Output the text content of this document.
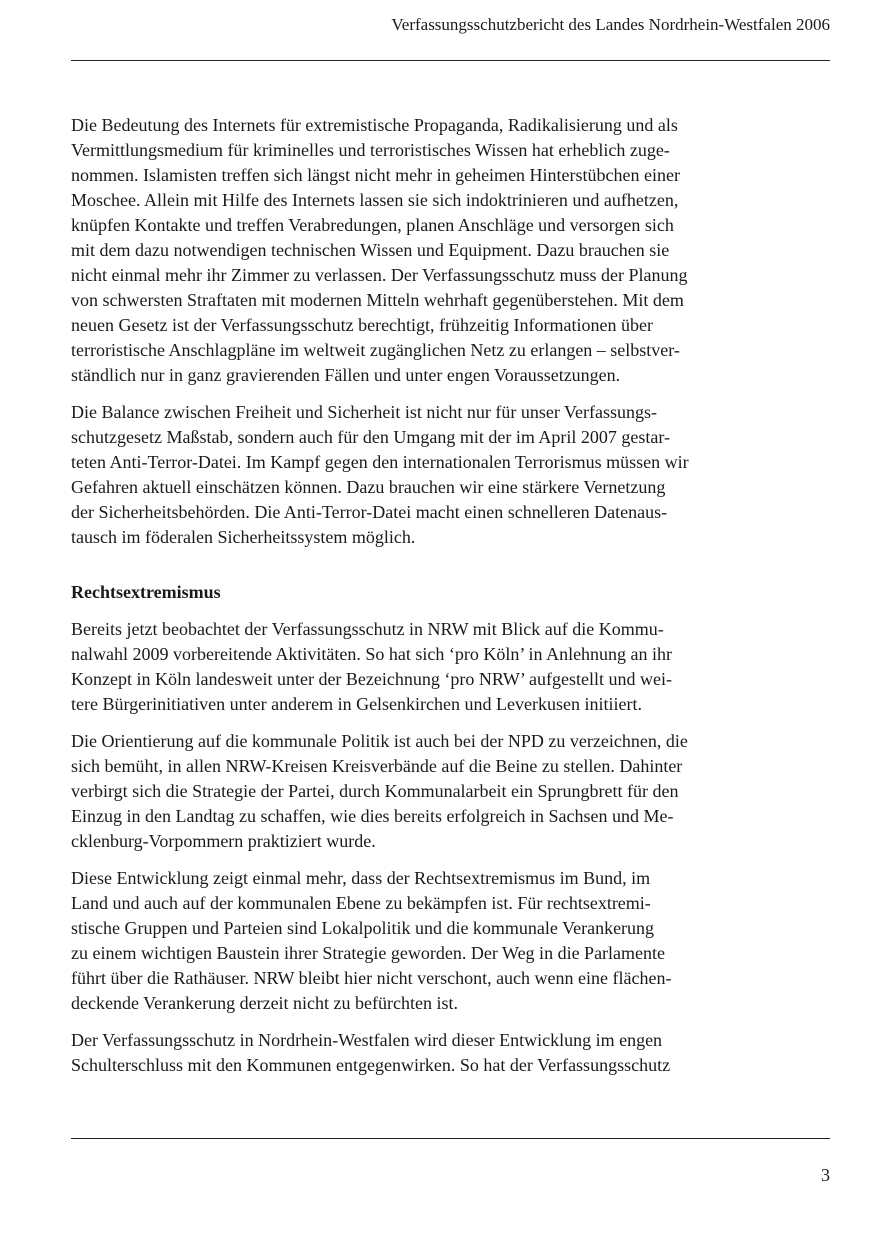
Verfassungsschutzbericht des Landes Nordrhein-Westfalen 2006

Die Bedeutung des Internets für extremistische Propaganda, Radikalisierung und als
Vermittlungsmedium für kriminelles und terroristisches Wissen hat erheblich zuge-
nommen. Islamisten treffen sich längst nicht mehr in geheimen Hinterstübchen einer
Moschee. Allein mit Hilfe des Internets lassen sie sich indoktrinieren und aufhetzen,
knüpfen Kontakte und treffen Verabredungen, planen Anschläge und versorgen sich
mit dem dazu notwendigen technischen Wissen und Equipment. Dazu brauchen sie
nicht einmal mehr ihr Zimmer zu verlassen. Der Verfassungsschutz muss der Planung
von schwersten Straftaten mit modernen Mitteln wehrhaft gegenüberstehen. Mit dem
neuen Gesetz ist der Verfassungsschutz berechtigt, frühzeitig Informationen über
terroristische Anschlagpläne im weltweit zugänglichen Netz zu erlangen – selbstver-
ständlich nur in ganz gravierenden Fällen und unter engen Voraussetzungen.

Die Balance zwischen Freiheit und Sicherheit ist nicht nur für unser Verfassungs-
schutzgesetz Maßstab, sondern auch für den Umgang mit der im April 2007 gestar-
teten Anti-Terror-Datei. Im Kampf gegen den internationalen Terrorismus müssen wir
Gefahren aktuell einschätzen können. Dazu brauchen wir eine stärkere Vernetzung
der Sicherheitsbehörden. Die Anti-Terror-Datei macht einen schnelleren Datenaus-
tausch im föderalen Sicherheitssystem möglich.

Rechtsextremismus

Bereits jetzt beobachtet der Verfassungsschutz in NRW mit Blick auf die Kommu-
nalwahl 2009 vorbereitende Aktivitäten. So hat sich ‘pro Köln’ in Anlehnung an ihr
Konzept in Köln landesweit unter der Bezeichnung ‘pro NRW’ aufgestellt und wei-
tere Bürgerinitiativen unter anderem in Gelsenkirchen und Leverkusen initiiert.

Die Orientierung auf die kommunale Politik ist auch bei der NPD zu verzeichnen, die
sich bemüht, in allen NRW-Kreisen Kreisverbände auf die Beine zu stellen. Dahinter
verbirgt sich die Strategie der Partei, durch Kommunalarbeit ein Sprungbrett für den
Einzug in den Landtag zu schaffen, wie dies bereits erfolgreich in Sachsen und Me-
cklenburg-Vorpommern praktiziert wurde.

Diese Entwicklung zeigt einmal mehr, dass der Rechtsextremismus im Bund, im
Land und auch auf der kommunalen Ebene zu bekämpfen ist. Für rechtsextremi-
stische Gruppen und Parteien sind Lokalpolitik und die kommunale Verankerung
zu einem wichtigen Baustein ihrer Strategie geworden. Der Weg in die Parlamente
führt über die Rathäuser. NRW bleibt hier nicht verschont, auch wenn eine flächen-
deckende Verankerung derzeit nicht zu befürchten ist.

Der Verfassungsschutz in Nordrhein-Westfalen wird dieser Entwicklung im engen
Schulterschluss mit den Kommunen entgegenwirken. So hat der Verfassungsschutz

3
